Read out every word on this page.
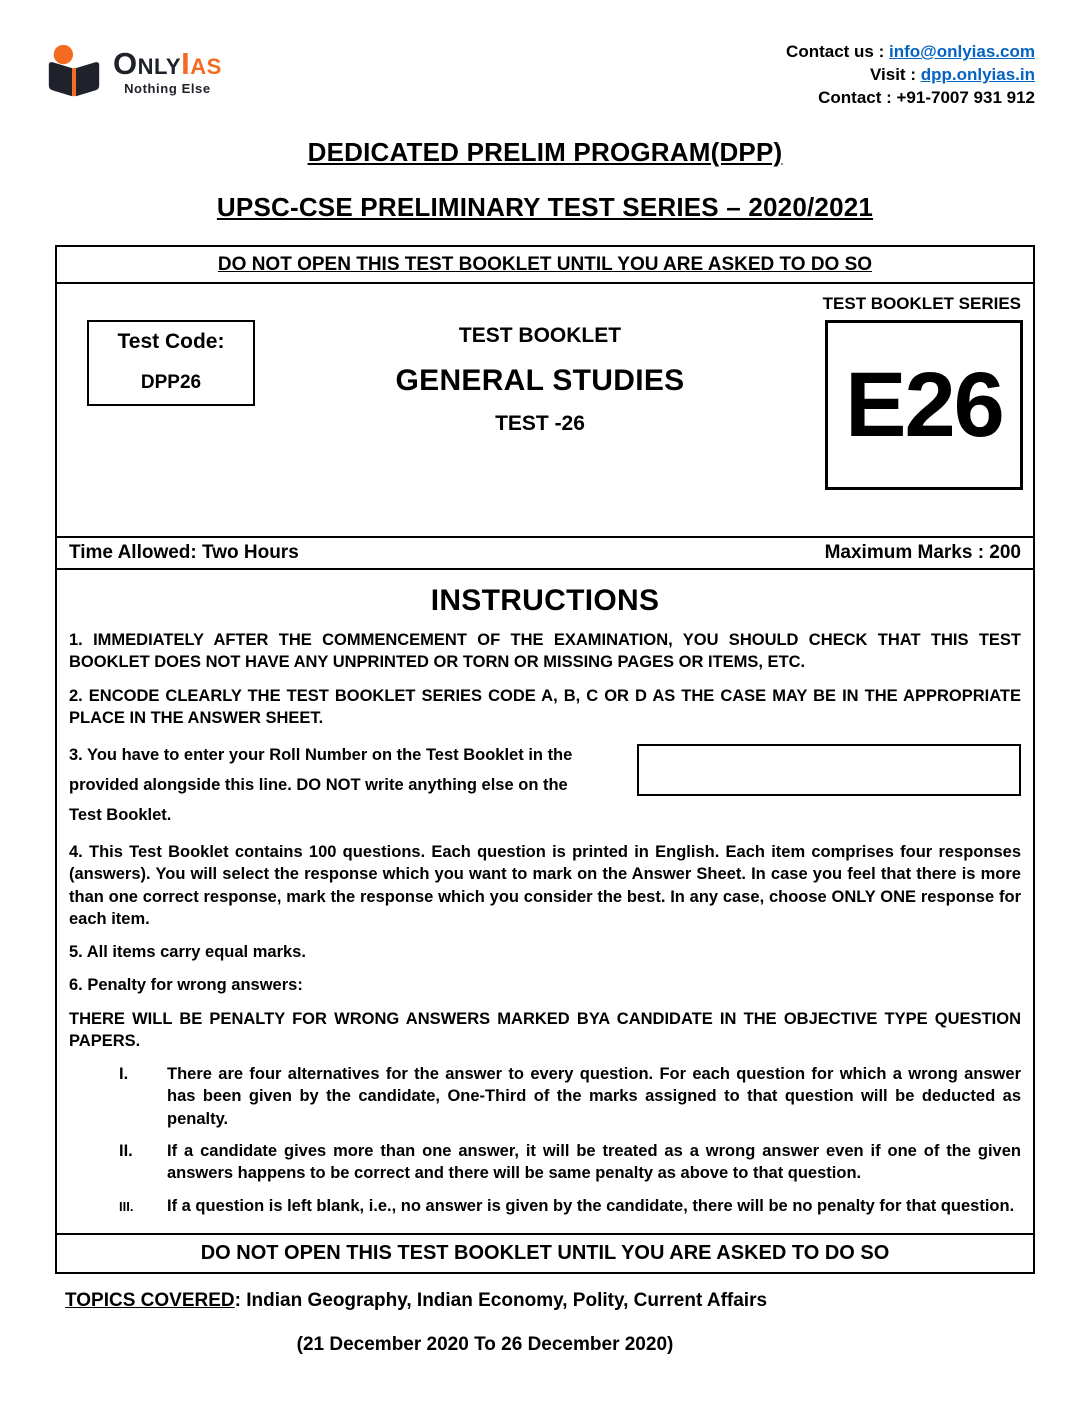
OnlyIas
Nothing Else
Contact us : info@onlyias.com
Visit : dpp.onlyias.in
Contact : +91-7007 931 912
DEDICATED PRELIM PROGRAM(DPP)
UPSC-CSE PRELIMINARY TEST SERIES – 2020/2021
DO NOT OPEN THIS TEST BOOKLET UNTIL YOU ARE ASKED TO DO SO
TEST BOOKLET SERIES
Test Code:
DPP26
TEST BOOKLET
GENERAL STUDIES
TEST -26	E26
Time Allowed: Two Hours	Maximum Marks : 200
INSTRUCTIONS

1. IMMEDIATELY AFTER THE COMMENCEMENT OF THE EXAMINATION, YOU SHOULD CHECK THAT THIS TEST BOOKLET DOES NOT HAVE ANY UNPRINTED OR TORN OR MISSING PAGES OR ITEMS, ETC.

2. ENCODE CLEARLY THE TEST BOOKLET SERIES CODE A, B, C OR D AS THE CASE MAY BE IN THE APPROPRIATE PLACE IN THE ANSWER SHEET.

3. You have to enter your Roll Number on the Test Booklet in the
provided alongside this line. DO NOT write anything else on the
Test Booklet.

4. This Test Booklet contains 100 questions. Each question is printed in English. Each item comprises four responses (answers). You will select the response which you want to mark on the Answer Sheet. In case you feel that there is more than one correct response, mark the response which you consider the best. In any case, choose ONLY ONE response for each item.

5. All items carry equal marks.

6. Penalty for wrong answers:

THERE WILL BE PENALTY FOR WRONG ANSWERS MARKED BYA CANDIDATE IN THE OBJECTIVE TYPE QUESTION PAPERS.

I.	There are four alternatives for the answer to every question. For each question for which a wrong answer has been given by the candidate, One-Third of the marks assigned to that question will be deducted as penalty.
II.	If a candidate gives more than one answer, it will be treated as a wrong answer even if one of the given answers happens to be correct and there will be same penalty as above to that question.
III.	If a question is left blank, i.e., no answer is given by the candidate, there will be no penalty for that question.
DO NOT OPEN THIS TEST BOOKLET UNTIL YOU ARE ASKED TO DO SO
TOPICS COVERED: Indian Geography, Indian Economy, Polity, Current Affairs
(21 December 2020 To 26 December 2020)
